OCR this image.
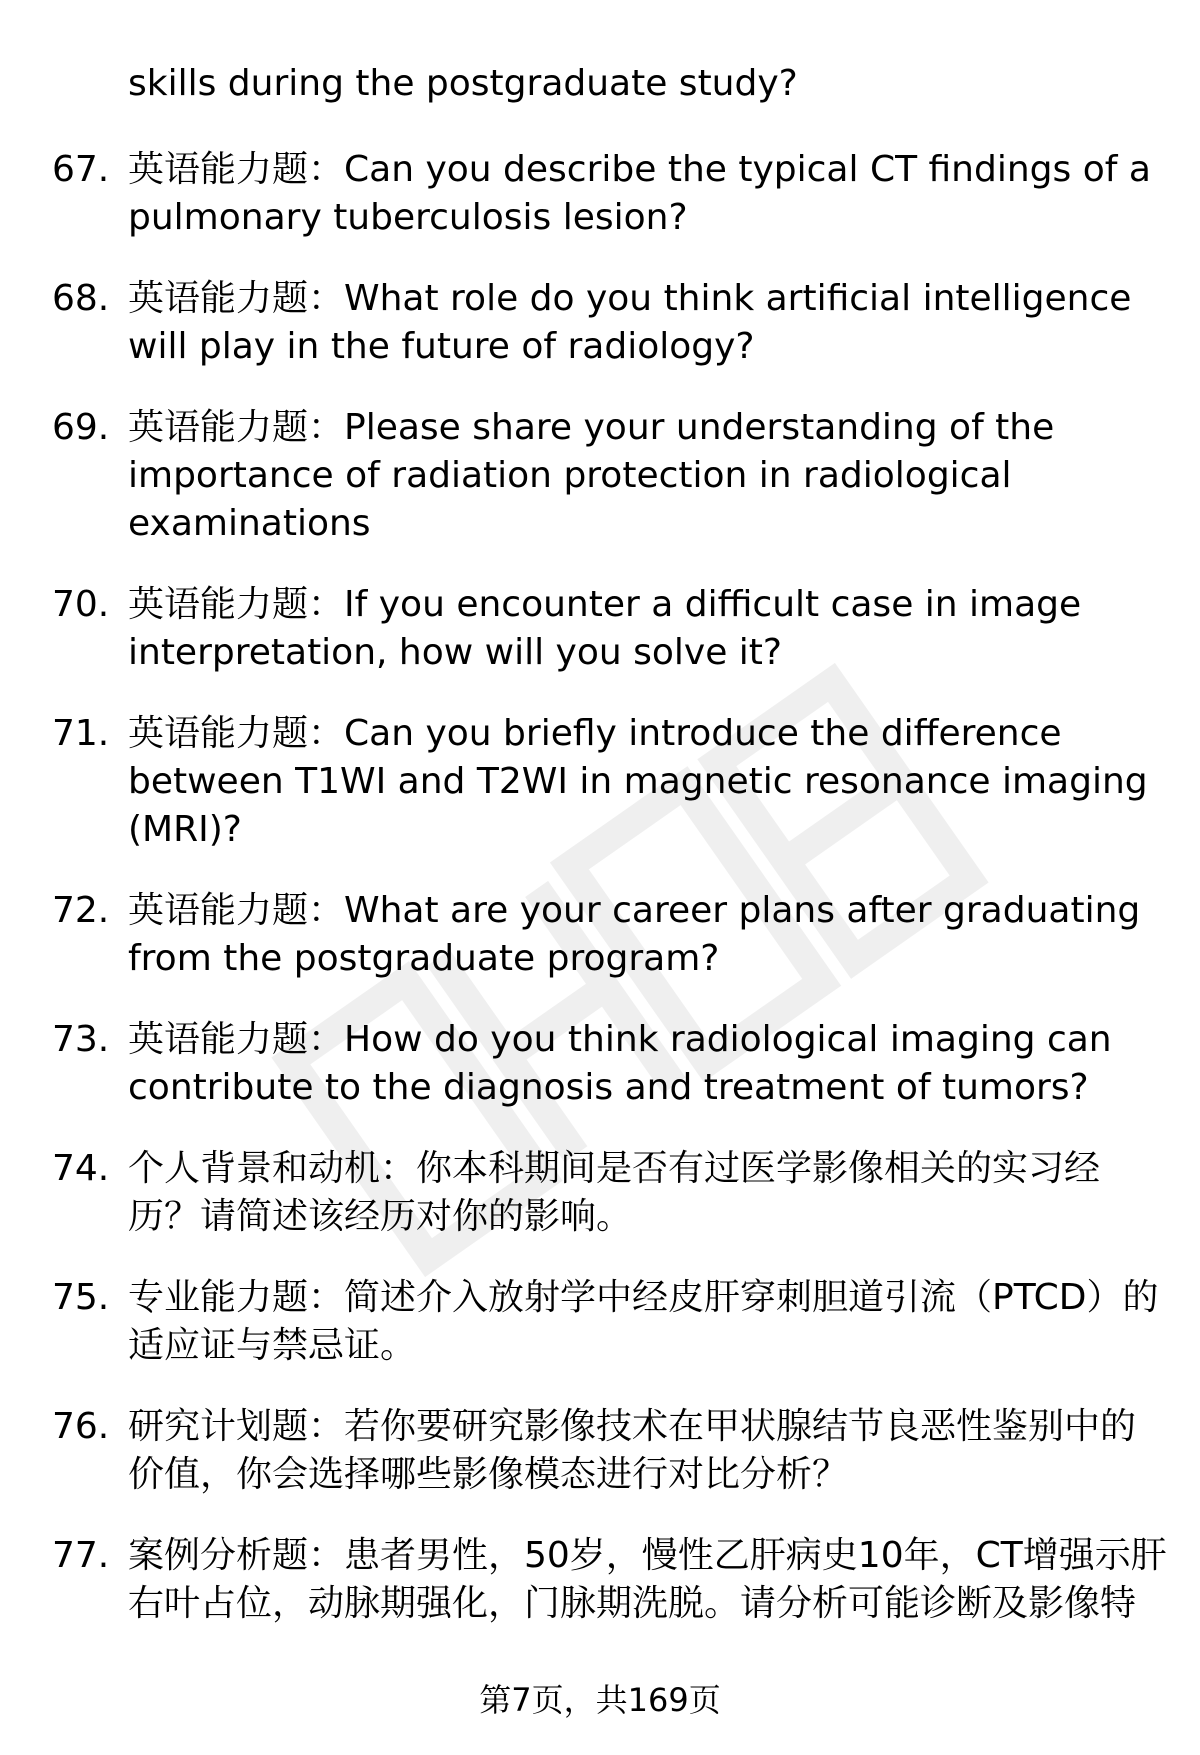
skills during the postgraduate study?

67. 英语能力题：Can you describe the typical CT findings of a pulmonary tuberculosis lesion?
68. 英语能力题：What role do you think artificial intelligence will play in the future of radiology?
69. 英语能力题：Please share your understanding of the importance of radiation protection in radiological examinations
70. 英语能力题：If you encounter a difficult case in image interpretation, how will you solve it?
71. 英语能力题：Can you briefly introduce the difference between T1WI and T2WI in magnetic resonance imaging (MRI)?
72. 英语能力题：What are your career plans after graduating from the postgraduate program?
73. 英语能力题：How do you think radiological imaging can contribute to the diagnosis and treatment of tumors?
74. 个人背景和动机：你本科期间是否有过医学影像相关的实习经历？请简述该经历对你的影响。
75. 专业能力题：简述介入放射学中经皮肝穿刺胆道引流（PTCD）的适应证与禁忌证。
76. 研究计划题：若你要研究影像技术在甲状腺结节良恶性鉴别中的价值，你会选择哪些影像模态进行对比分析？
77. 案例分析题：患者男性，50岁，慢性乙肝病史10年，CT增强示肝右叶占位，动脉期强化，门脉期洗脱。请分析可能诊断及影像特
第7页，共169页
